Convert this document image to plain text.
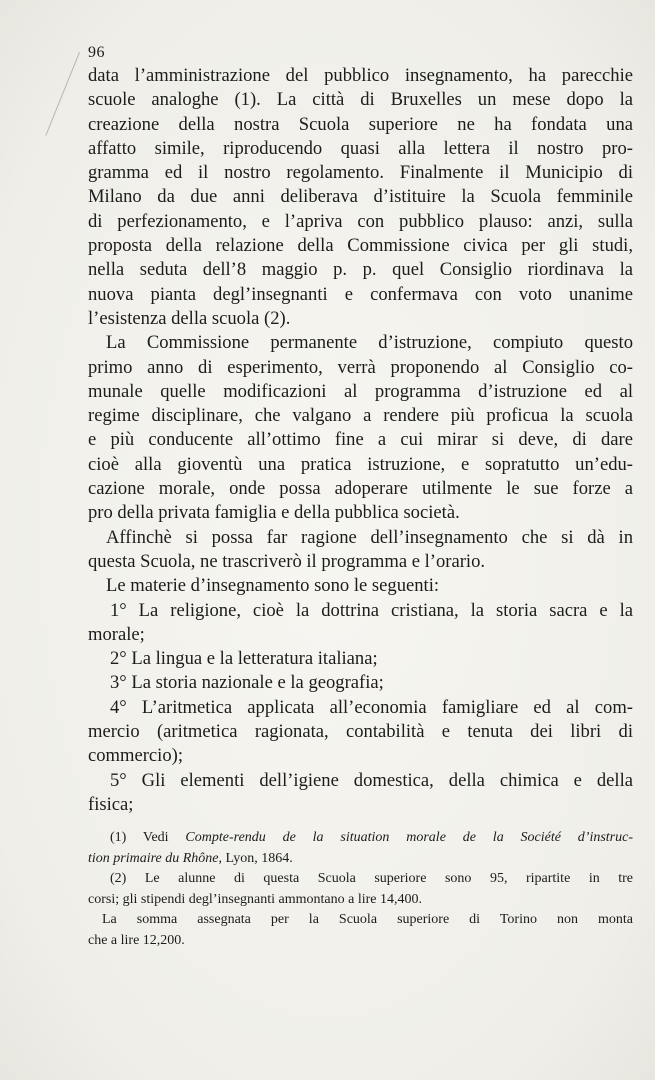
96
data l’amministrazione del pubblico insegnamento, ha parecchie
scuole analoghe (1). La città di Bruxelles un mese dopo la
creazione della nostra Scuola superiore ne ha fondata una
affatto simile, riproducendo quasi alla lettera il nostro pro-
gramma ed il nostro regolamento. Finalmente il Municipio di
Milano da due anni deliberava d’istituire la Scuola femminile
di perfezionamento, e l’apriva con pubblico plauso: anzi, sulla
proposta della relazione della Commissione civica per gli studi,
nella seduta dell’8 maggio p. p. quel Consiglio riordinava la
nuova pianta degl’insegnanti e confermava con voto unanime
l’esistenza della scuola (2).
La Commissione permanente d’istruzione, compiuto questo
primo anno di esperimento, verrà proponendo al Consiglio co-
munale quelle modificazioni al programma d’istruzione ed al
regime disciplinare, che valgano a rendere più proficua la scuola
e più conducente all’ottimo fine a cui mirar si deve, di dare
cioè alla gioventù una pratica istruzione, e sopratutto un’edu-
cazione morale, onde possa adoperare utilmente le sue forze a
pro della privata famiglia e della pubblica società.
Affinchè si possa far ragione dell’insegnamento che si dà in
questa Scuola, ne trascriverò il programma e l’orario.
Le materie d’insegnamento sono le seguenti:
1° La religione, cioè la dottrina cristiana, la storia sacra e la
morale;
2° La lingua e la letteratura italiana;
3° La storia nazionale e la geografia;
4° L’aritmetica applicata all’economia famigliare ed al com-
mercio (aritmetica ragionata, contabilità e tenuta dei libri di
commercio);
5° Gli elementi dell’igiene domestica, della chimica e della
fisica;
(1) Vedi Compte-rendu de la situation morale de la Société d’instruc-
tion primaire du Rhône, Lyon, 1864.
(2) Le alunne di questa Scuola superiore sono 95, ripartite in tre
corsi; gli stipendi degl’insegnanti ammontano a lire 14,400.
La somma assegnata per la Scuola superiore di Torino non monta
che a lire 12,200.
